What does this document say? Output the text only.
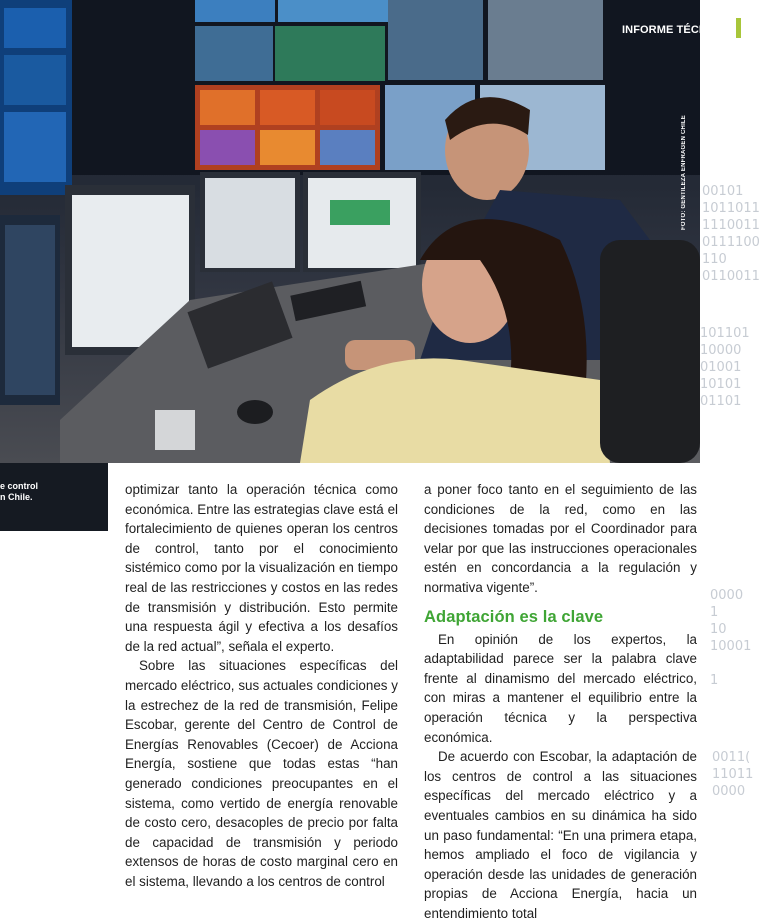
FOTO: GENTILEZA ENFRAGEN CHILE
e control
n Chile.
INFORME TÉCNICO
00101
1011011
1110011
0111100
110
0110011
101101
10000
01001
10101
01101
0000
1
10
10001

1
0011(
11011
0000

optimizar tanto la operación técnica como económica. Entre las estrategias clave está el fortalecimiento de quienes operan los centros de control, tanto por el conocimiento sistémico como por la visualización en tiempo real de las restricciones y costos en las redes de transmisión y distribución. Esto permite una respuesta ágil y efectiva a los desafíos de la red actual”, señala el experto.

Sobre las situaciones específicas del mercado eléctrico, sus actuales condiciones y la estrechez de la red de transmisión, Felipe Escobar, gerente del Centro de Control de Energías Renovables (Cecoer) de Acciona Energía, sostiene que todas estas “han generado condiciones preocupantes en el sistema, como vertido de energía renovable de costo cero, desacoples de precio por falta de capacidad de transmisión y periodo extensos de horas de costo marginal cero en el sistema, llevando a los centros de control

a poner foco tanto en el seguimiento de las condiciones de la red, como en las decisiones tomadas por el Coordinador para velar por que las instrucciones operacionales estén en concordancia a la regulación y normativa vigente”.

Adaptación es la clave

En opinión de los expertos, la adaptabilidad parece ser la palabra clave frente al dinamismo del mercado eléctrico, con miras a mantener el equilibrio entre la operación técnica y la perspectiva económica.

De acuerdo con Escobar, la adaptación de los centros de control a las situaciones específicas del mercado eléctrico y a eventuales cambios en su dinámica ha sido un paso fundamental: “En una primera etapa, hemos ampliado el foco de vigilancia y operación desde las unidades de generación propias de Acciona Energía, hacia un entendimiento total
